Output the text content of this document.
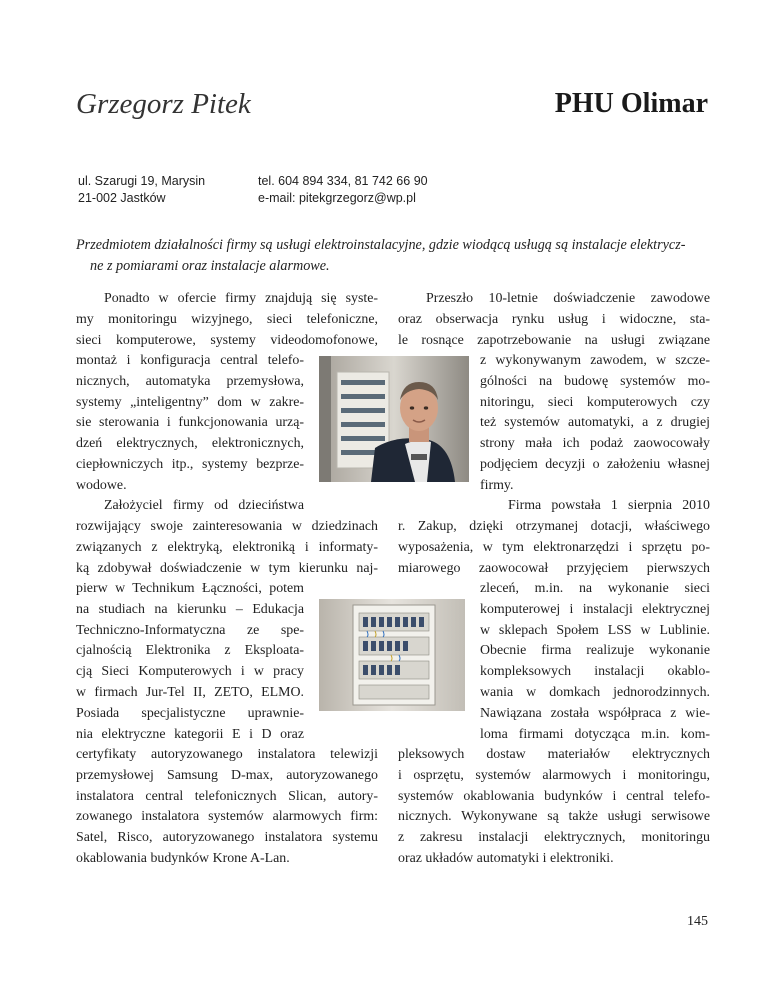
Grzegorz Pitek	PHU Olimar
ul. Szarugi 19, Marysin
21-002 Jastków
tel. 604 894 334, 81 742 66 90
e-mail: pitekgrzegorz@wp.pl
Przedmiotem działalności firmy są usługi elektroinstalacyjne, gdzie wiodącą usługą są instalacje elektrycz-
ne z pomiarami oraz instalacje alarmowe.
Ponadto w ofercie firmy znajdują się syste-
my monitoringu wizyjnego, sieci telefoniczne,
sieci komputerowe, systemy videodomofonowe,
montaż i konfiguracja central telefo-
nicznych, automatyka przemysłowa,
systemy „inteligentny” dom w zakre-
sie sterowania i funkcjonowania urzą-
dzeń elektrycznych, elektronicznych,
ciepłowniczych itp., systemy bezprze-
wodowe.
Założyciel firmy od dzieciństwa
rozwijający swoje zainteresowania w dziedzinach
związanych z elektryką, elektroniką i informaty-
ką zdobywał doświadczenie w tym kierunku naj-
pierw w Technikum Łączności, potem
na studiach na kierunku – Edukacja
Techniczno-Informatyczna ze spe-
cjalnością Elektronika z Eksploata-
cją Sieci Komputerowych i w pracy
w firmach Jur-Tel II, ZETO, ELMO.
Posiada specjalistyczne uprawnie-
nia elektryczne kategorii E i D oraz
certyfikaty autoryzowanego instalatora telewizji
przemysłowej Samsung D-max, autoryzowanego
instalatora central telefonicznych Slican, autory-
zowanego instalatora systemów alarmowych firm:
Satel, Risco, autoryzowanego instalatora systemu
okablowania budynków Krone A-Lan.
Przeszło 10-letnie doświadczenie zawodowe
oraz obserwacja rynku usług i widoczne, sta-
le rosnące zapotrzebowanie na usługi związane
z wykonywanym zawodem, w szcze-
gólności na budowę systemów mo-
nitoringu, sieci komputerowych czy
też systemów automatyki, a z drugiej
strony mała ich podaż zaowocowały
podjęciem decyzji o założeniu własnej
firmy.
Firma powstała 1 sierpnia 2010
r. Zakup, dzięki otrzymanej dotacji, właściwego
wyposażenia, w tym elektronarzędzi i sprzętu po-
miarowego zaowocował przyjęciem pierwszych
zleceń, m.in. na wykonanie sieci
komputerowej i instalacji elektrycznej
w sklepach Społem LSS w Lublinie.
Obecnie firma realizuje wykonanie
kompleksowych instalacji okablo-
wania w domkach jednorodzinnych.
Nawiązana została współpraca z wie-
loma firmami dotycząca m.in. kom-
pleksowych dostaw materiałów elektrycznych
i osprzętu, systemów alarmowych i monitoringu,
systemów okablowania budynków i central telefo-
nicznych. Wykonywane są także usługi serwisowe
z zakresu instalacji elektrycznych, monitoringu
oraz układów automatyki i elektroniki.
145
